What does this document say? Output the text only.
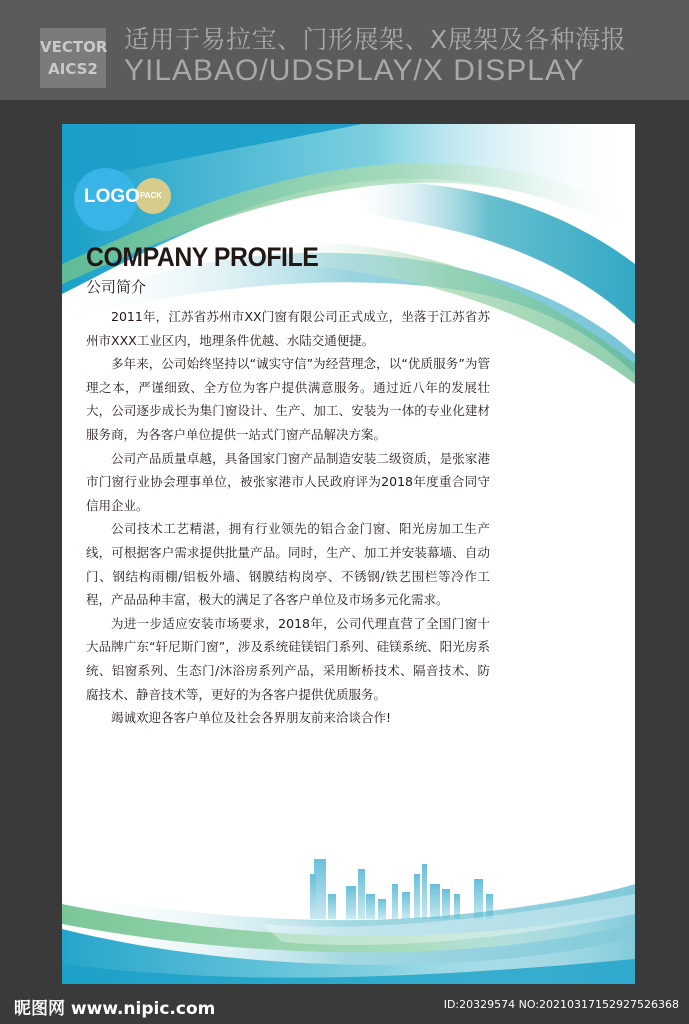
VECTOR
AICS2
适用于易拉宝、门形展架、X展架及各种海报
YILABAO/UDSPLAY/X DISPLAY
LOGO PACK
COMPANY PROFILE
公司简介

2011年，江苏省苏州市XX门窗有限公司正式成立，坐落于江苏省苏州市XXX工业区内，地理条件优越、水陆交通便捷。

多年来，公司始终坚持以“诚实守信”为经营理念，以“优质服务”为管理之本，严谨细致、全方位为客户提供满意服务。通过近八年的发展壮大，公司逐步成长为集门窗设计、生产、加工、安装为一体的专业化建材服务商，为各客户单位提供一站式门窗产品解决方案。

公司产品质量卓越，具备国家门窗产品制造安装二级资质，是张家港市门窗行业协会理事单位，被张家港市人民政府评为2018年度重合同守信用企业。

公司技术工艺精湛，拥有行业领先的铝合金门窗、阳光房加工生产线，可根据客户需求提供批量产品。同时，生产、加工并安装幕墙、自动门、钢结构雨棚/铝板外墙、钢膜结构岗亭、不锈钢/铁艺围栏等冷作工程，产品品种丰富，极大的满足了各客户单位及市场多元化需求。

为进一步适应安装市场要求，2018年，公司代理直营了全国门窗十大品牌广东“轩尼斯门窗”，涉及系统硅镁铝门系列、硅镁系统、阳光房系统、铝窗系列、生态门/沐浴房系列产品，采用断桥技术、隔音技术、防腐技术、静音技术等，更好的为各客户提供优质服务。

竭诚欢迎各客户单位及社会各界朋友前来洽谈合作!

昵图网 www.nipic.com	ID:20329574 NO:20210317152927526368
